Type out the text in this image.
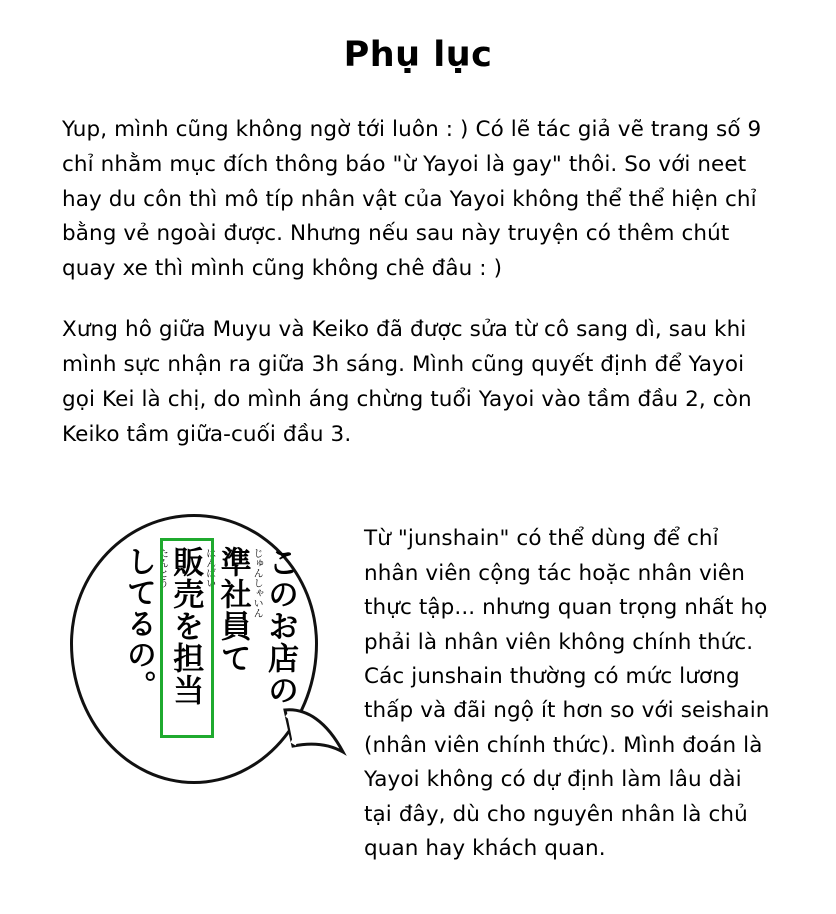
Phụ lục

Yup, mình cũng không ngờ tới luôn : ) Có lẽ tác giả vẽ trang số 9 chỉ nhằm mục đích thông báo "ừ Yayoi là gay" thôi. So với neet hay du côn thì mô típ nhân vật của Yayoi không thể thể hiện chỉ bằng vẻ ngoài được. Nhưng nếu sau này truyện có thêm chút quay xe thì mình cũng không chê đâu : )

Xưng hô giữa Muyu và Keiko đã được sửa từ cô sang dì, sau khi mình sực nhận ra giữa 3h sáng. Mình cũng quyết định để Yayoi gọi Kei là chị, do mình áng chừng tuổi Yayoi vào tầm đầu 2, còn Keiko tầm giữa-cuối đầu 3.

このお店の
じゅんしゃいん
準社員て
はんばい
販売を担当
たんとう
してるの。

Từ "junshain" có thể dùng để chỉ nhân viên cộng tác hoặc nhân viên thực tập... nhưng quan trọng nhất họ phải là nhân viên không chính thức. Các junshain thường có mức lương thấp và đãi ngộ ít hơn so với seishain (nhân viên chính thức). Mình đoán là Yayoi không có dự định làm lâu dài tại đây, dù cho nguyên nhân là chủ quan hay khách quan.
